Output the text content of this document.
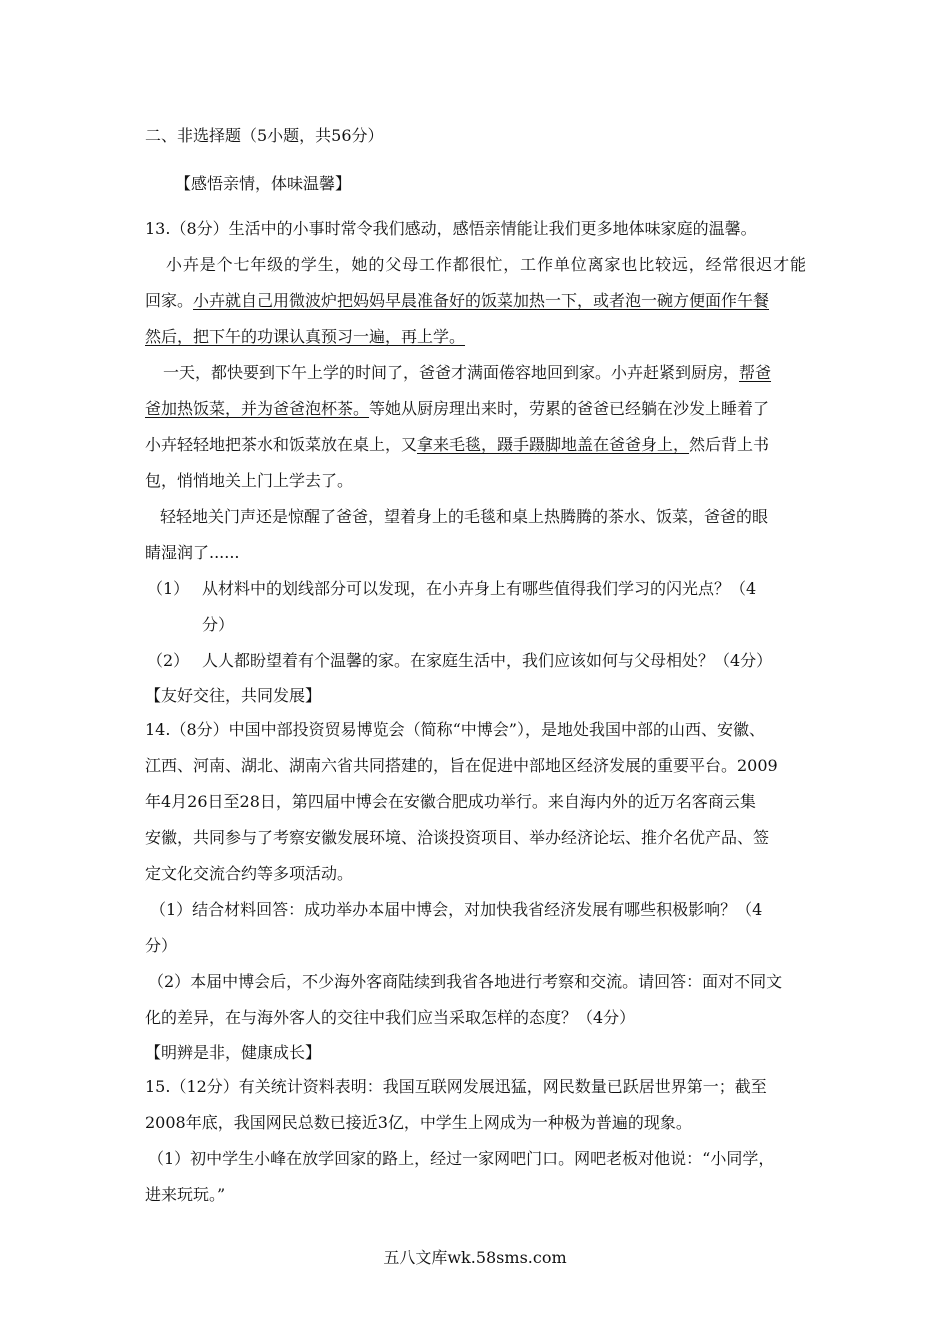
二、非选择题（5小题，共56分）
【感悟亲情，体味温馨】
13.（8分）生活中的小事时常令我们感动，感悟亲情能让我们更多地体味家庭的温馨。
小卉是个七年级的学生，她的父母工作都很忙，工作单位离家也比较远，经常很迟才能
回家。小卉就自己用微波炉把妈妈早晨准备好的饭菜加热一下，或者泡一碗方便面作午餐
然后，把下午的功课认真预习一遍，再上学。
一天，都快要到下午上学的时间了，爸爸才满面倦容地回到家。小卉赶紧到厨房，帮爸
爸加热饭菜，并为爸爸泡杯茶。等她从厨房理出来时，劳累的爸爸已经躺在沙发上睡着了
小卉轻轻地把茶水和饭菜放在桌上，又拿来毛毯，蹑手蹑脚地盖在爸爸身上，然后背上书
包，悄悄地关上门上学去了。
轻轻地关门声还是惊醒了爸爸，望着身上的毛毯和桌上热腾腾的茶水、饭菜，爸爸的眼
睛湿润了......
（1） 从材料中的划线部分可以发现，在小卉身上有哪些值得我们学习的闪光点？（4
分）
（2） 人人都盼望着有个温馨的家。在家庭生活中，我们应该如何与父母相处？（4分）
【友好交往，共同发展】
14.（8分）中国中部投资贸易博览会（简称“中博会”），是地处我国中部的山西、安徽、
江西、河南、湖北、湖南六省共同搭建的，旨在促进中部地区经济发展的重要平台。2009
年4月26日至28日，第四届中博会在安徽合肥成功举行。来自海内外的近万名客商云集
安徽，共同参与了考察安徽发展环境、洽谈投资项目、举办经济论坛、推介名优产品、签
定文化交流合约等多项活动。
（1）结合材料回答：成功举办本届中博会，对加快我省经济发展有哪些积极影响？（4
分）
（2）本届中博会后，不少海外客商陆续到我省各地进行考察和交流。请回答：面对不同文
化的差异，在与海外客人的交往中我们应当采取怎样的态度？（4分）
【明辨是非，健康成长】
15.（12分）有关统计资料表明：我国互联网发展迅猛，网民数量已跃居世界第一；截至
2008年底，我国网民总数已接近3亿，中学生上网成为一种极为普遍的现象。
（1）初中学生小峰在放学回家的路上，经过一家网吧门口。网吧老板对他说：“小同学，
进来玩玩。”
五八文库wk.58sms.com
